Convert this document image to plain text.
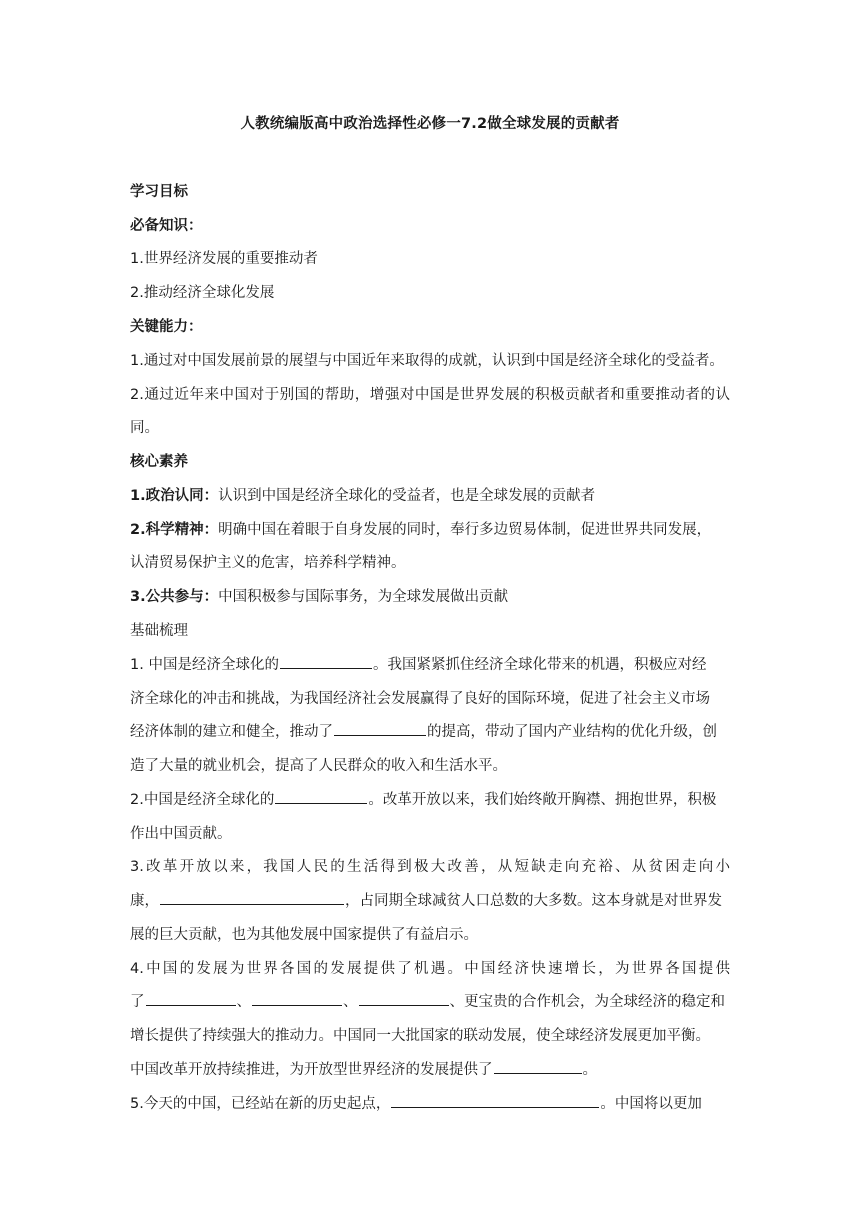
人教统编版高中政治选择性必修一7.2做全球发展的贡献者
学习目标
必备知识：
1.世界经济发展的重要推动者
2.推动经济全球化发展
关键能力：
1.通过对中国发展前景的展望与中国近年来取得的成就，认识到中国是经济全球化的受益者。
2.通过近年来中国对于别国的帮助，增强对中国是世界发展的积极贡献者和重要推动者的认
同。
核心素养
1.政治认同：认识到中国是经济全球化的受益者，也是全球发展的贡献者
2.科学精神：明确中国在着眼于自身发展的同时，奉行多边贸易体制，促进世界共同发展，
认清贸易保护主义的危害，培养科学精神。
3.公共参与：中国积极参与国际事务，为全球发展做出贡献
基础梳理
1. 中国是经济全球化的	。我国紧紧抓住经济全球化带来的机遇，积极应对经
济全球化的冲击和挑战，为我国经济社会发展赢得了良好的国际环境，促进了社会主义市场
经济体制的建立和健全，推动了	的提高，带动了国内产业结构的优化升级，创
造了大量的就业机会，提高了人民群众的收入和生活水平。
2.中国是经济全球化的	。改革开放以来，我们始终敞开胸襟、拥抱世界，积极
作出中国贡献。
3.改革开放以来，我国人民的生活得到极大改善，从短缺走向充裕、从贫困走向小
康，	，占同期全球减贫人口总数的大多数。这本身就是对世界发
展的巨大贡献，也为其他发展中国家提供了有益启示。
4.中国的发展为世界各国的发展提供了机遇。中国经济快速增长，为世界各国提供
了	、	、	、更宝贵的合作机会，为全球经济的稳定和
增长提供了持续强大的推动力。中国同一大批国家的联动发展，使全球经济发展更加平衡。
中国改革开放持续推进，为开放型世界经济的发展提供了	。
5.今天的中国，已经站在新的历史起点，	。中国将以更加
